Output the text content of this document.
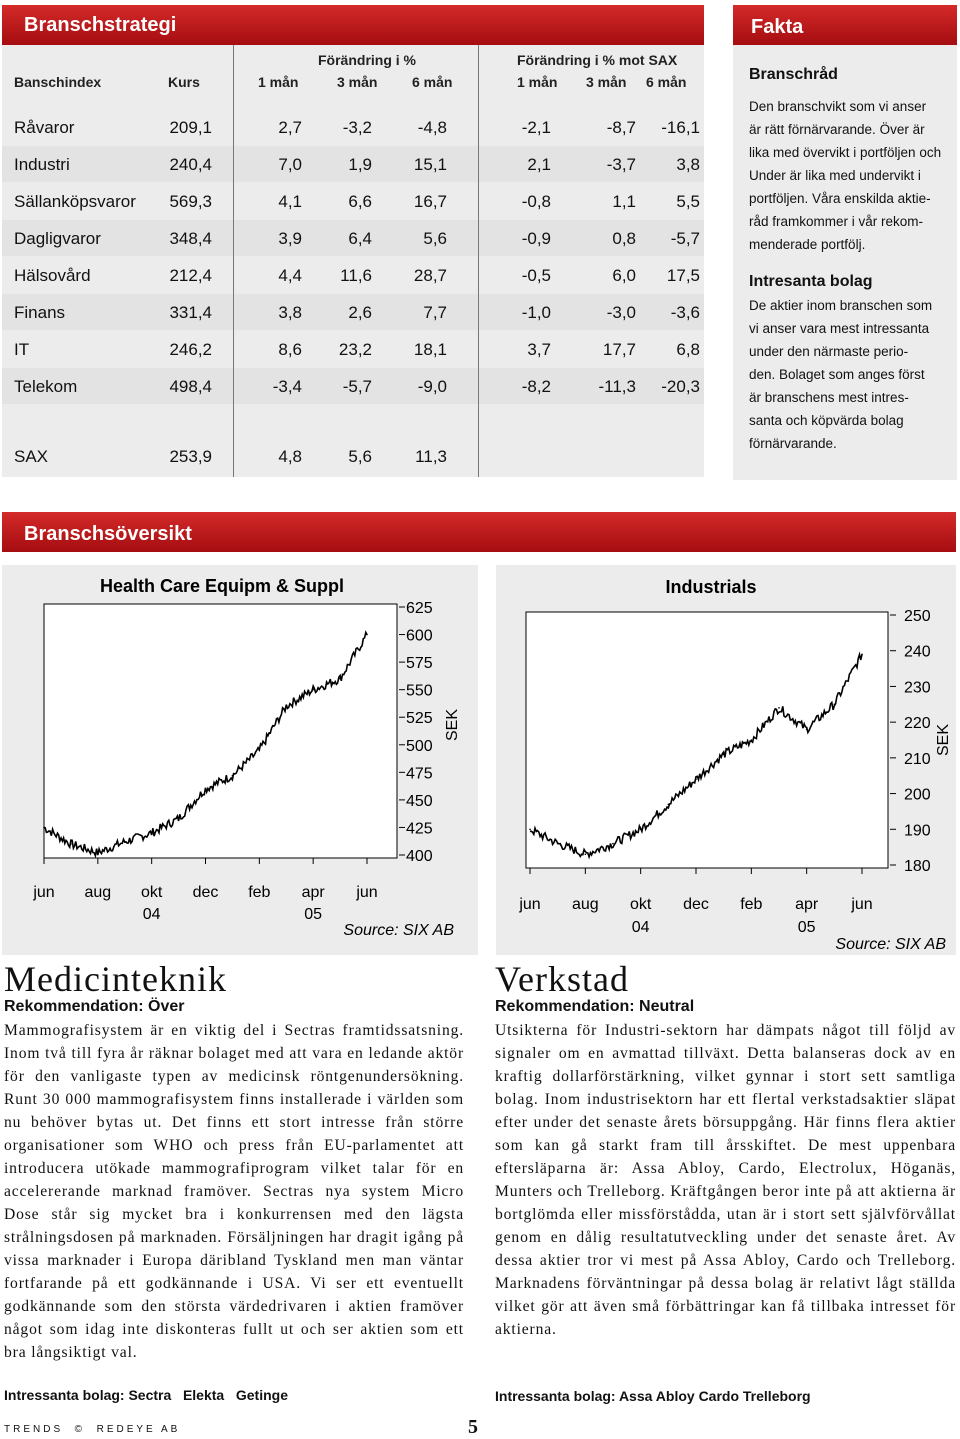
Branschstrategi
Förändring i %	Förändring i % mot SAX
Banschindex	Kurs	1 mån	3 mån 6 mån	1 mån 3 mån 6 mån
Råvaror	209,1	2,7	-3,2	-4,8	-2,1	-8,7	-16,1
Industri	240,4	7,0	1,9	15,1	2,1	-3,7	3,8
Sällanköpsvaror	569,3	4,1	6,6	16,7	-0,8	1,1	5,5
Dagligvaror	348,4	3,9	6,4	5,6	-0,9	0,8	-5,7
Hälsovård	212,4	4,4	11,6	28,7	-0,5	6,0	17,5
Finans	331,4	3,8	2,6	7,7	-1,0	-3,0	-3,6
IT	246,2	8,6	23,2	18,1	3,7	17,7	6,8
Telekom	498,4	-3,4	-5,7	-9,0	-8,2	-11,3	-20,3
SAX	253,9	4,8	5,6	11,3
Fakta
Branschråd
Den branschvikt som vi anser
är rätt förnärvarande. Över är
lika med övervikt i portföljen och
Under är lika med undervikt i
portföljen. Våra enskilda aktie-
råd framkommer i vår rekom-
menderade portfölj.
Intresanta bolag
De aktier inom branschen som
vi anser vara mest intressanta
under den närmaste perio-
den. Bolaget som anges först
är branschens mest intres-
santa och köpvärda bolag
förnärvarande.
Branschsöversikt
Health Care Equipm & Suppl
625
600
575
550
525
500
475
450
425
400
SEK
jun aug okt dec feb apr jun
04	05
Source: SIX AB
Industrials
250
240
230
220
210
200
190
180
SEK
jun aug okt dec feb apr jun
04	05
Source: SIX AB
Medicinteknik
Rekommendation: Över
Mammografisystem är en viktig del i Sectras framtidssatsning. Inom två till fyra år räknar bolaget med att vara en ledande aktör för den vanligaste typen av medicinsk röntgenundersökning. Runt 30 000 mammografisystem finns installerade i världen som nu behöver bytas ut. Det finns ett stort intresse från större organisationer som WHO och press från EU-parlamentet att introducera utökade mammografiprogram vilket talar för en accelererande marknad framöver. Sectras nya system Micro Dose står sig mycket bra i konkurrensen med den lägsta strålningsdosen på marknaden. Försäljningen har dragit igång på vissa marknader i Europa däribland Tyskland men man väntar fortfarande på ett godkännande i USA. Vi ser ett eventuellt godkännande som den största värdedrivaren i aktien framöver något som idag inte diskonteras fullt ut och ser aktien som ett bra långsiktigt val.
Intressanta bolag: Sectra   Elekta   Getinge
Verkstad
Rekommendation: Neutral
Utsikterna för Industri-sektorn har dämpats något till följd av signaler om en avmattad tillväxt. Detta balanseras dock av en kraftig dollarförstärkning, vilket gynnar i stort sett samtliga bolag. Inom industrisektorn har ett flertal verkstadsaktier släpat efter under det senaste årets börsuppgång. Här finns flera aktier som kan gå starkt fram till årsskiftet. De mest uppenbara eftersläparna är: Assa Abloy, Cardo, Electrolux, Höganäs, Munters och Trelleborg. Kräftgången beror inte på att aktierna är bortglömda eller missförstådda, utan är i stort sett självförvållat genom en dålig resultatutveckling under det senaste året. Av dessa aktier tror vi mest på Assa Abloy, Cardo och Trelleborg. Marknadens förväntningar på dessa bolag är relativt lågt ställda vilket gör att även små förbättringar kan få tillbaka intresset för aktierna.
Intressanta bolag: Assa Abloy Cardo Trelleborg
TRENDS  ©  REDEYE AB	5
